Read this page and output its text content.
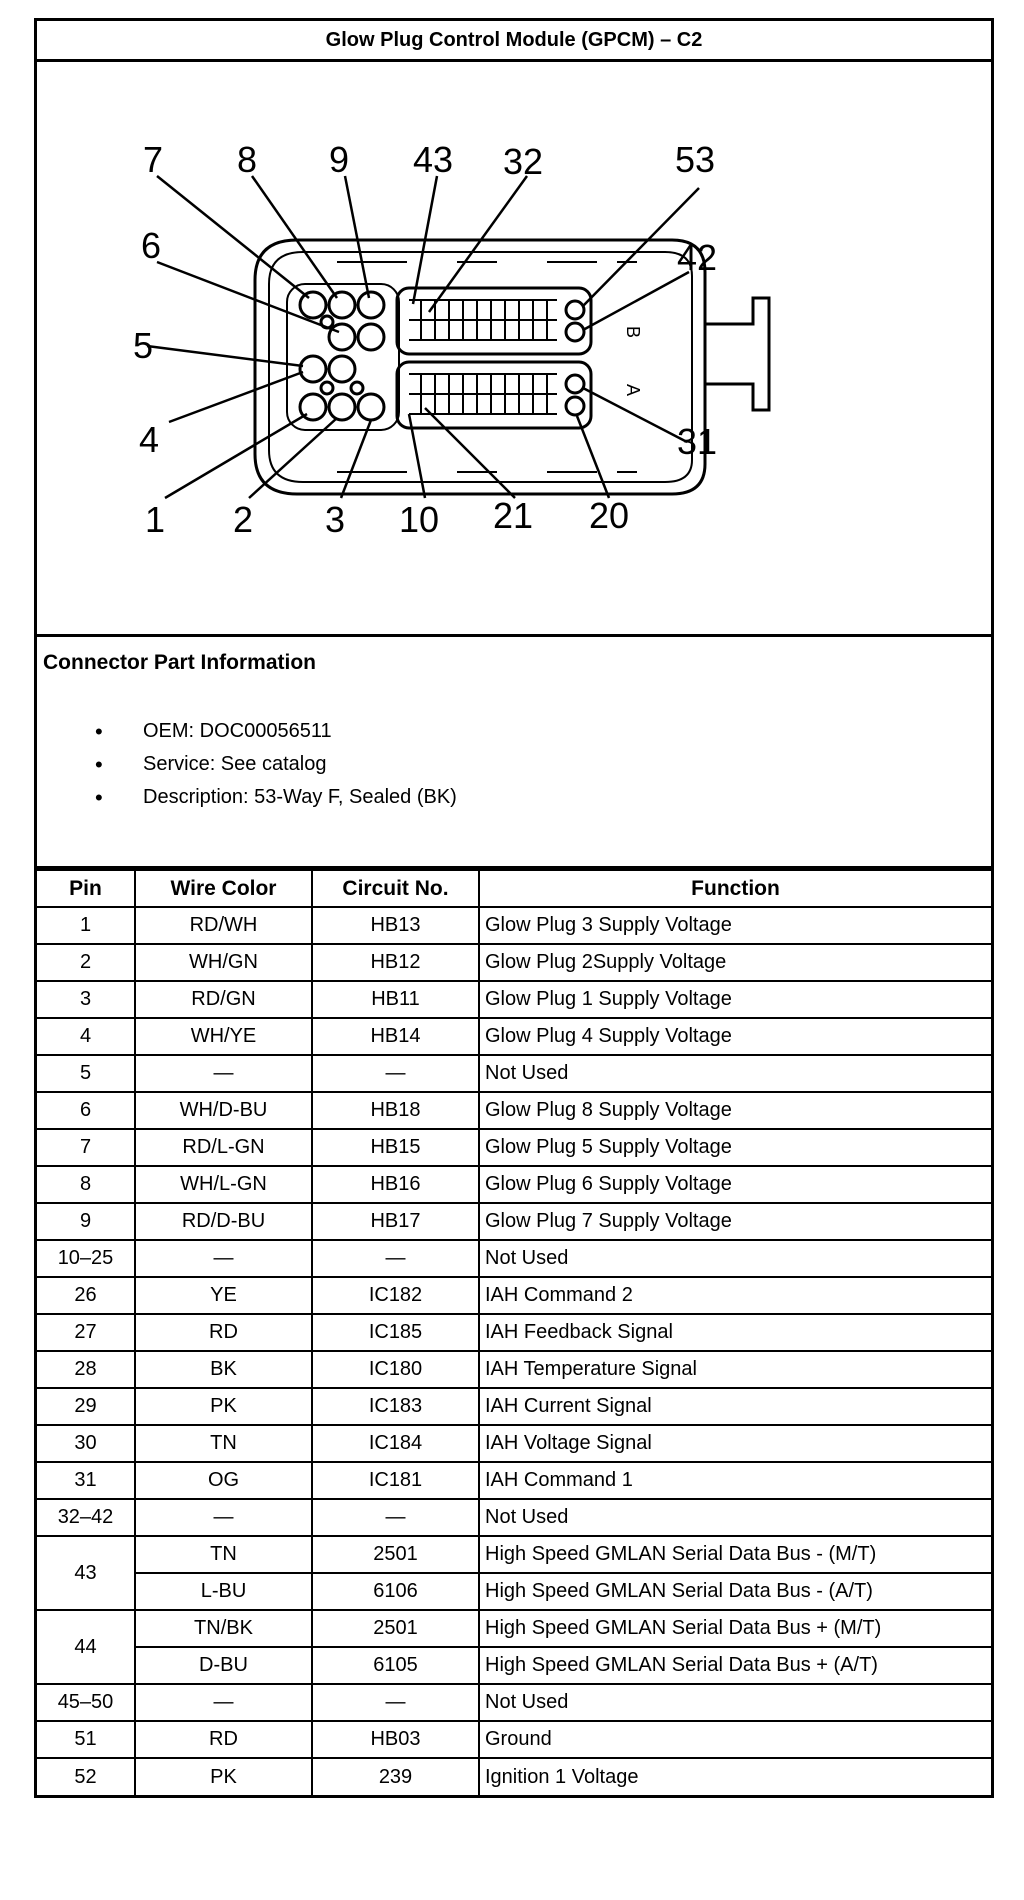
Glow Plug Control Module (GPCM) – C2
B
A
7 8 9 43 32	53
6	42
5
31
4
1 2 3 10 21 20
Connector Part Information
• OEM: DOC00056511
• Service: See catalog
• Description: 53-Way F, Sealed (BK)
Pin	Wire Color	Circuit No.	Function
1	RD/WH	HB13	Glow Plug 3 Supply Voltage
2	WH/GN	HB12	Glow Plug 2Supply Voltage
3	RD/GN	HB11	Glow Plug 1 Supply Voltage
4	WH/YE	HB14	Glow Plug 4 Supply Voltage
5	—	—	Not Used
6	WH/D-BU	HB18	Glow Plug 8 Supply Voltage
7	RD/L-GN	HB15	Glow Plug 5 Supply Voltage
8	WH/L-GN	HB16	Glow Plug 6 Supply Voltage
9	RD/D-BU	HB17	Glow Plug 7 Supply Voltage
10–25	—	—	Not Used
26	YE	IC182	IAH Command 2
27	RD	IC185	IAH Feedback Signal
28	BK	IC180	IAH Temperature Signal
29	PK	IC183	IAH Current Signal
30	TN	IC184	IAH Voltage Signal
31	OG	IC181	IAH Command 1
32–42	—	—	Not Used
43	TN	2501	High Speed GMLAN Serial Data Bus - (M/T)
	L-BU	6106	High Speed GMLAN Serial Data Bus - (A/T)
44	TN/BK	2501	High Speed GMLAN Serial Data Bus + (M/T)
	D-BU	6105	High Speed GMLAN Serial Data Bus + (A/T)
45–50	—	—	Not Used
51	RD	HB03	Ground
52	PK	239	Ignition 1 Voltage
